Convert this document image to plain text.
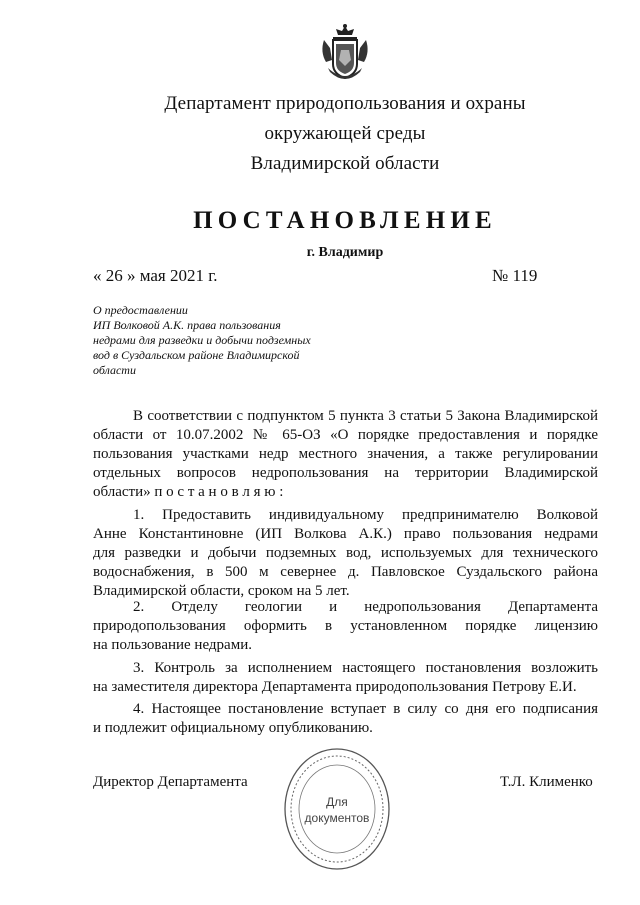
Департамент природопользования и охраны
окружающей среды
Владимирской области
ПОСТАНОВЛЕНИЕ
г. Владимир
« 26 » мая 2021 г.	№ 119
О предоставлении
ИП Волковой А.К. права пользования
недрами для разведки и добычи подземных
вод в Суздальском районе Владимирской
области
В соответствии с подпунктом 5 пункта 3 статьи 5 Закона Владимирской
области от 10.07.2002 № 65-ОЗ «О порядке предоставления и порядке
пользования участками недр местного значения, а также регулировании
отдельных вопросов недропользования на территории Владимирской
области» п о с т а н о в л я ю :
1. Предоставить индивидуальному предпринимателю Волковой
Анне Константиновне (ИП Волкова А.К.) право пользования недрами
для разведки и добычи подземных вод, используемых для технического
водоснабжения, в 500 м севернее д. Павловское Суздальского района
Владимирской области, сроком на 5 лет.
2. Отделу геологии и недропользования Департамента
природопользования оформить в установленном порядке лицензию
на пользование недрами.
3. Контроль за исполнением настоящего постановления возложить
на заместителя директора Департамента природопользования Петрову Е.И.
4. Настоящее постановление вступает в силу со дня его подписания
и подлежит официальному опубликованию.
Директор Департамента	Т.Л. Клименко
Для
документов
